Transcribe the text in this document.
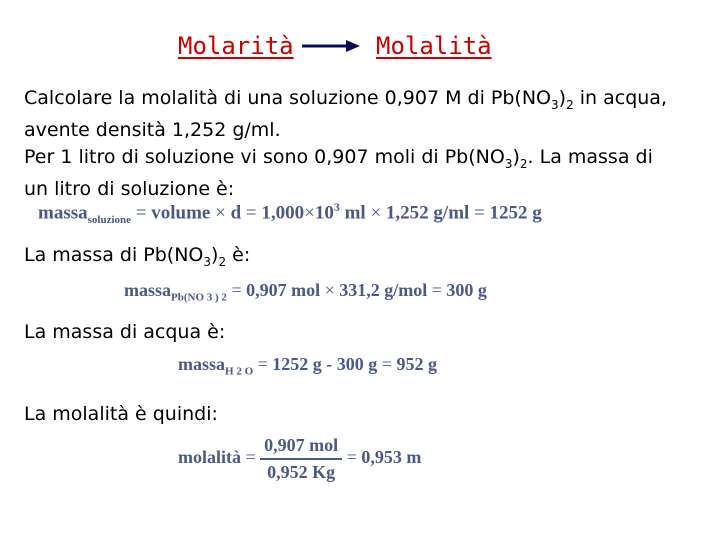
Molarità	Molalità
Calcolare la molalità di una soluzione 0,907 M di $Pb(NO_3)_2$ in acqua,
avente densità 1,252 g/ml.
Per 1 litro di soluzione vi sono 0,907 moli di $Pb(NO_3)_2$. La massa di
un litro di soluzione è:
massa$_{soluzione}$ = volume × $d = 1,000\times 10^3$ ml × 1,252 g/ml = 1252 g
La massa di $Pb(NO_3)_2$ è:
massa$_{Pb(NO 3 ) 2}$ = 0,907 mol × 331,2 g/mol = 300 g
La massa di acqua è:
massa$_{H 2 O}$ = 1252 g - 300 g = 952 g
La molalità è quindi:
molalità = $\frac{\text{0,907 mol}}{0,952 Kg} = 0,953$ m
